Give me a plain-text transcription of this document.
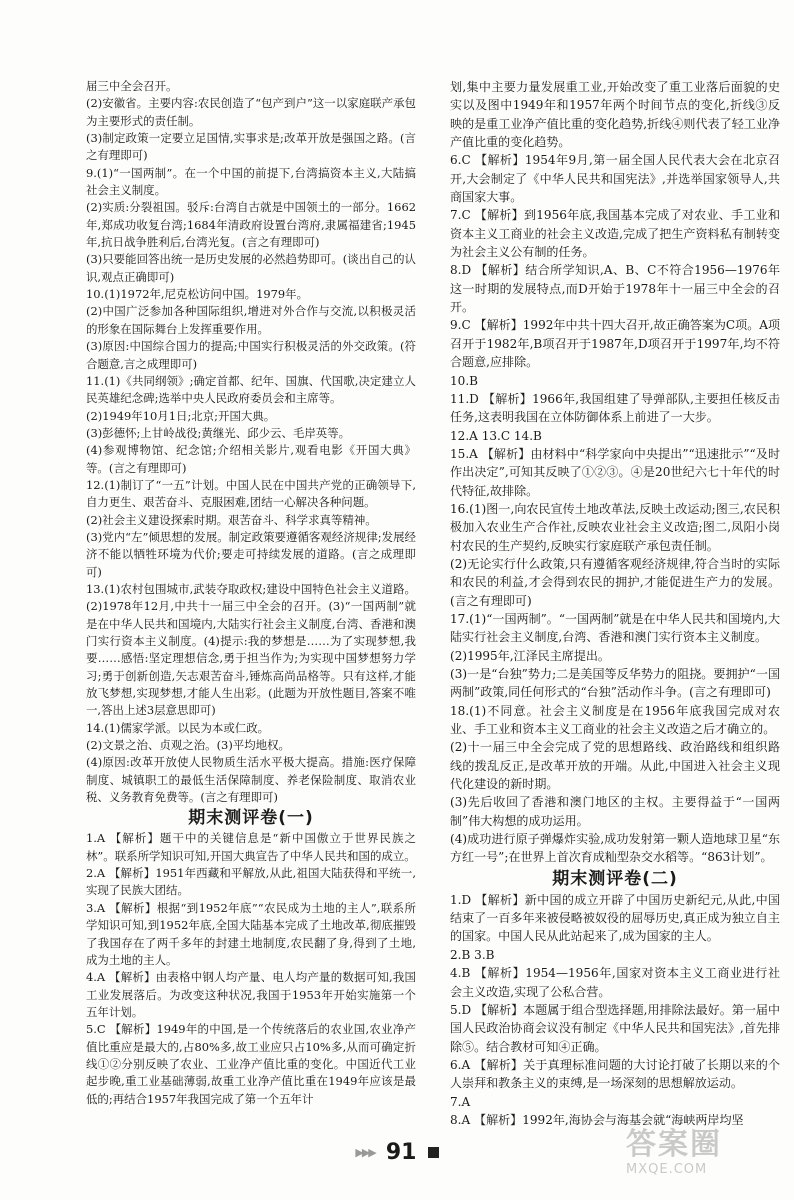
届三中全会召开。

(2)安徽省。主要内容:农民创造了“包产到户”这一以家庭联产承包为主要形式的责任制。

(3)制定政策一定要立足国情,实事求是;改革开放是强国之路。(言之有理即可)

9.(1)“一国两制”。在一个中国的前提下,台湾搞资本主义,大陆搞社会主义制度。

(2)实质:分裂祖国。驳斥:台湾自古就是中国领土的一部分。1662年,郑成功收复台湾;1684年清政府设置台湾府,隶属福建省;1945年,抗日战争胜利后,台湾光复。(言之有理即可)

(3)只要能回答出统一是历史发展的必然趋势即可。(谈出自己的认识,观点正确即可)

10.(1)1972年,尼克松访问中国。1979年。

(2)中国广泛参加各种国际组织,增进对外合作与交流,以积极灵活的形象在国际舞台上发挥重要作用。

(3)原因:中国综合国力的提高;中国实行积极灵活的外交政策。(符合题意,言之成理即可)

11.(1)《共同纲领》;确定首都、纪年、国旗、代国歌,决定建立人民英雄纪念碑;选举中央人民政府委员会和主席等。

(2)1949年10月1日;北京;开国大典。

(3)彭德怀;上甘岭战役;黄继光、邱少云、毛岸英等。

(4)参观博物馆、纪念馆;介绍相关影片,观看电影《开国大典》等。(言之有理即可)

12.(1)制订了“一五”计划。中国人民在中国共产党的正确领导下,自力更生、艰苦奋斗、克服困难,团结一心解决各种问题。

(2)社会主义建设探索时期。艰苦奋斗、科学求真等精神。

(3)党内“左”倾思想的发展。制定政策要遵循客观经济规律;发展经济不能以牺牲环境为代价;要走可持续发展的道路。(言之成理即可)

13.(1)农村包围城市,武装夺取政权;建设中国特色社会主义道路。(2)1978年12月,中共十一届三中全会的召开。(3)“一国两制”就是在中华人民共和国境内,大陆实行社会主义制度,台湾、香港和澳门实行资本主义制度。(4)提示:我的梦想是……为了实现梦想,我要……感悟:坚定理想信念,勇于担当作为;为实现中国梦想努力学习;勇于创新创造,矢志艰苦奋斗,锤炼高尚品格等。只有这样,才能放飞梦想,实现梦想,才能人生出彩。(此题为开放性题目,答案不唯一,答出上述3层意思即可)

14.(1)儒家学派。以民为本或仁政。

(2)文景之治、贞观之治。(3)平均地权。

(4)原因:改革开放使人民物质生活水平极大提高。措施:医疗保障制度、城镇职工的最低生活保障制度、养老保险制度、取消农业税、义务教育免费等。(言之有理即可)

期末测评卷(一)

1.A 【解析】题干中的关键信息是“新中国傲立于世界民族之林”。联系所学知识可知,开国大典宣告了中华人民共和国的成立。

2.A 【解析】1951年西藏和平解放,从此,祖国大陆获得和平统一,实现了民族大团结。

3.A 【解析】根据“到1952年底”“农民成为土地的主人”,联系所学知识可知,到1952年底,全国大陆基本完成了土地改革,彻底摧毁了我国存在了两千多年的封建土地制度,农民翻了身,得到了土地,成为土地的主人。

4.A 【解析】由表格中钢人均产量、电人均产量的数据可知,我国工业发展落后。为改变这种状况,我国于1953年开始实施第一个五年计划。

5.C 【解析】1949年的中国,是一个传统落后的农业国,农业净产值比重应是最大的,占80%多,故工业应只占10%多,从而可确定折线①②分别反映了农业、工业净产值比重的变化。中国近代工业起步晚,重工业基础薄弱,故重工业净产值比重在1949年应该是最低的;再结合1957年我国完成了第一个五年计

划,集中主要力量发展重工业,开始改变了重工业落后面貌的史实以及图中1949年和1957年两个时间节点的变化,折线③反映的是重工业净产值比重的变化趋势,折线④则代表了轻工业净产值比重的变化趋势。

6.C 【解析】1954年9月,第一届全国人民代表大会在北京召开,大会制定了《中华人民共和国宪法》,并选举国家领导人,共商国家大事。

7.C 【解析】到1956年底,我国基本完成了对农业、手工业和资本主义工商业的社会主义改造,完成了把生产资料私有制转变为社会主义公有制的任务。

8.D 【解析】结合所学知识,A、B、C不符合1956—1976年这一时期的发展特点,而D开始于1978年十一届三中全会的召开。

9.C 【解析】1992年中共十四大召开,故正确答案为C项。A项召开于1982年,B项召开于1987年,D项召开于1997年,均不符合题意,应排除。

10.B

11.D 【解析】1966年,我国组建了导弹部队,主要担任核反击任务,这表明我国在立体防御体系上前进了一大步。

12.A 13.C 14.B

15.A 【解析】由材料中“科学家向中央提出”“迅速批示”“及时作出决定”,可知其反映了①②③。④是20世纪六七十年代的时代特征,故排除。

16.(1)图一,向农民宣传土地改革法,反映土改运动;图三,农民积极加入农业生产合作社,反映农业社会主义改造;图二,凤阳小岗村农民的生产契约,反映实行家庭联产承包责任制。

(2)无论实行什么政策,只有遵循客观经济规律,符合当时的实际和农民的利益,才会得到农民的拥护,才能促进生产力的发展。(言之有理即可)

17.(1)“一国两制”。“一国两制”就是在中华人民共和国境内,大陆实行社会主义制度,台湾、香港和澳门实行资本主义制度。

(2)1995年,江泽民主席提出。

(3)一是“台独”势力;二是美国等反华势力的阻挠。要拥护“一国两制”政策,同任何形式的“台独”活动作斗争。(言之有理即可)

18.(1)不同意。社会主义制度是在1956年底我国完成对农业、手工业和资本主义工商业的社会主义改造之后才确立的。

(2)十一届三中全会完成了党的思想路线、政治路线和组织路线的拨乱反正,是改革开放的开端。从此,中国进入社会主义现代化建设的新时期。

(3)先后收回了香港和澳门地区的主权。主要得益于“一国两制”伟大构想的成功运用。

(4)成功进行原子弹爆炸实验,成功发射第一颗人造地球卫星“东方红一号”;在世界上首次育成籼型杂交水稻等。“863计划”。

期末测评卷(二)

1.D 【解析】新中国的成立开辟了中国历史新纪元,从此,中国结束了一百多年来被侵略被奴役的屈辱历史,真正成为独立自主的国家。中国人民从此站起来了,成为国家的主人。

2.B 3.B

4.B 【解析】1954—1956年,国家对资本主义工商业进行社会主义改造,实现了公私合营。

5.D 【解析】本题属于组合型选择题,用排除法最好。第一届中国人民政治协商会议没有制定《中华人民共和国宪法》,首先排除⑤。结合教材可知④正确。

6.A 【解析】关于真理标准问题的大讨论打破了长期以来的个人崇拜和教条主义的束缚,是一场深刻的思想解放运动。

7.A

8.A 【解析】1992年,海协会与海基会就“海峡两岸均坚

▶▶▶ 91	答案圈
MXQE.COM
